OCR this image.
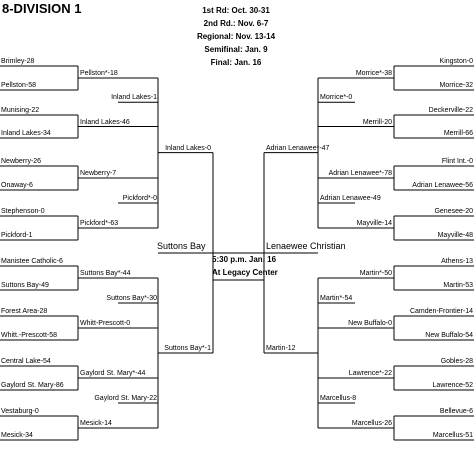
8-DIVISION 1	1st Rd: Oct. 30-31
2nd Rd.: Nov. 6-7
Regional: Nov. 13-14
Semifinal: Jan. 9
Final: Jan. 16
Suttons Bay	Lenaewee Christian
5:30 p.m. Jan. 16
At Legacy Center
Brimley-28
Pellston-58
Munising-22
Inland Lakes-34
Newberry-26
Onaway-6
Stephenson-0
Pickford-1
Manistee Catholic-6
Suttons Bay-49
Forest Area-28
Whitt.-Prescott-58
Central Lake-54
Gaylord St. Mary-86
Vestaburg-0
Mesick-34
Pellston*-18
Inland Lakes-46
Newberry-7
Pickford*-63
Suttons Bay*-44
Whitt-Prescott-0
Gaylord St. Mary*-44
Mesick-14
Inland Lakes-1
Pickford*-0
Suttons Bay*-30
Gaylord St. Mary-22
Inland Lakes-0
Suttons Bay*-1
Kingston-0
Morrice-32
Deckerville-22
Merrill-66
Flint Int.-0
Adrian Lenawee-56
Genesee-20
Mayville-48
Athens-13
Martin-53
Camden-Frontier-14
New Buffalo-54
Gobles-28
Lawrence-52
Bellevue-6
Marcellus-51
Morrice*-38
Merrill-20
Adrian Lenawee*-78
Mayville-14
Martin*-50
New Buffalo-0
Lawrence*-22
Marcellus-26
Morrice*-0
Adrian Lenawee-49
Martin*-54
Marcellus-8
Adrian Lenawee*-47
Martin-12
